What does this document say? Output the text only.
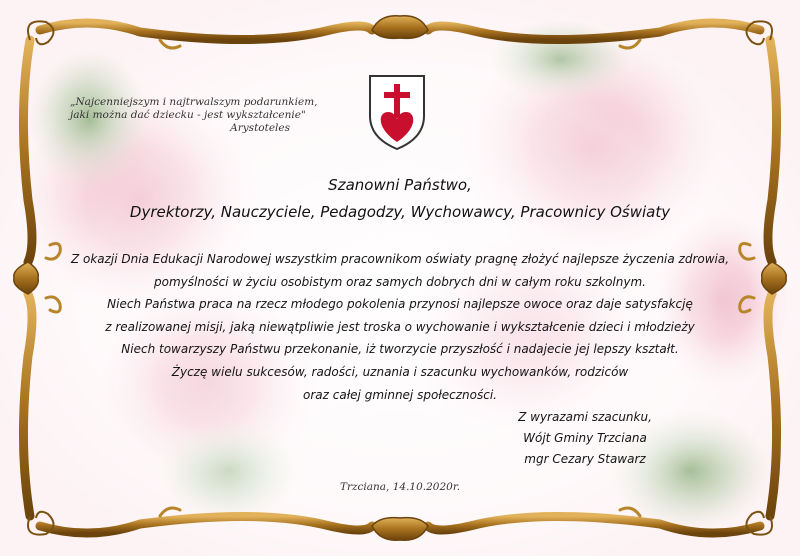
„Najcenniejszym i najtrwalszym podarunkiem,
jaki można dać dziecku - jest wykształcenie"
Arystoteles
Szanowni Państwo,
Dyrektorzy, Nauczyciele, Pedagodzy, Wychowawcy, Pracownicy Oświaty
Z okazji Dnia Edukacji Narodowej wszystkim pracownikom oświaty pragnę złożyć najlepsze życzenia zdrowia,
pomyślności w życiu osobistym oraz samych dobrych dni w całym roku szkolnym.
Niech Państwa praca na rzecz młodego pokolenia przynosi najlepsze owoce oraz daje satysfakcję
z realizowanej misji, jaką niewątpliwie jest troska o wychowanie i wykształcenie dzieci i młodzieży
Niech towarzyszy Państwu przekonanie, iż tworzycie przyszłość i nadajecie jej lepszy kształt.
Życzę wielu sukcesów, radości, uznania i szacunku wychowanków, rodziców
oraz całej gminnej społeczności.
Z wyrazami szacunku,
Wójt Gminy Trzciana
mgr Cezary Stawarz
Trzciana, 14.10.2020r.
